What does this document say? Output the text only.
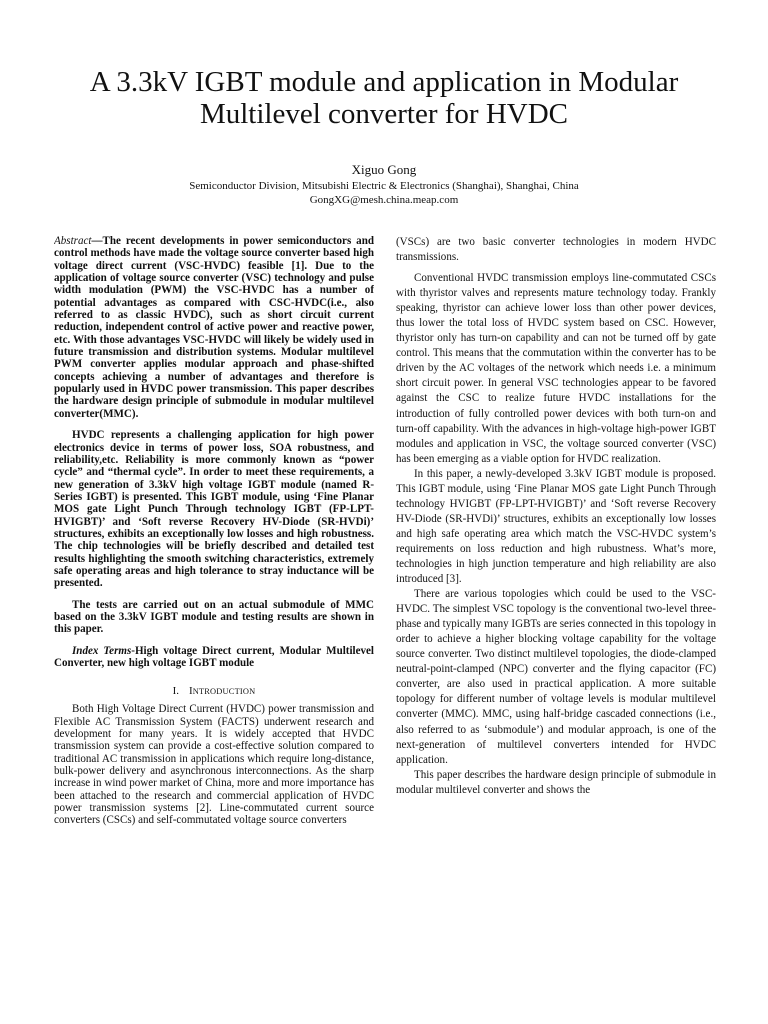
A 3.3kV IGBT module and application in Modular
Multilevel converter for HVDC
Xiguo Gong
Semiconductor Division, Mitsubishi Electric & Electronics (Shanghai), Shanghai, China
GongXG@mesh.china.meap.com

Abstract—The recent developments in power semiconductors and control methods have made the voltage source converter based high voltage direct current (VSC-HVDC) feasible [1]. Due to the application of voltage source converter (VSC) technology and pulse width modulation (PWM) the VSC-HVDC has a number of potential advantages as compared with CSC-HVDC(i.e., also referred to as classic HVDC), such as short circuit current reduction, independent control of active power and reactive power, etc. With those advantages VSC-HVDC will likely be widely used in future transmission and distribution systems. Modular multilevel PWM converter applies modular approach and phase-shifted concepts achieving a number of advantages and therefore is popularly used in HVDC power transmission. This paper describes the hardware design principle of submodule in modular multilevel converter(MMC).

HVDC represents a challenging application for high power electronics device in terms of power loss, SOA robustness, and reliability,etc. Reliability is more commonly known as “power cycle” and “thermal cycle”. In order to meet these requirements, a new generation of 3.3kV high voltage IGBT module (named R-Series IGBT) is presented. This IGBT module, using ‘Fine Planar MOS gate Light Punch Through technology IGBT (FP-LPT-HVIGBT)’ and ‘Soft reverse Recovery HV-Diode (SR-HVDi)’ structures, exhibits an exceptionally low losses and high robustness. The chip technologies will be briefly described and detailed test results highlighting the smooth switching characteristics, extremely safe operating areas and high tolerance to stray inductance will be presented.

The tests are carried out on an actual submodule of MMC based on the 3.3kV IGBT module and testing results are shown in this paper.

Index Terms-High voltage Direct current, Modular Multilevel Converter, new high voltage IGBT module

I. INTRODUCTION

Both High Voltage Direct Current (HVDC) power transmission and Flexible AC Transmission System (FACTS) underwent research and development for many years. It is widely accepted that HVDC transmission system can provide a cost-effective solution compared to traditional AC transmission in applications which require long-distance, bulk-power delivery and asynchronous interconnections. As the sharp increase in wind power market of China, more and more importance has been attached to the research and commercial application of HVDC power transmission systems [2]. Line-commutated current source converters (CSCs) and self-commutated voltage source converters

(VSCs) are two basic converter technologies in modern HVDC transmissions.

Conventional HVDC transmission employs line-commutated CSCs with thyristor valves and represents mature technology today. Frankly speaking, thyristor can achieve lower loss than other power devices, thus lower the total loss of HVDC system based on CSC. However, thyristor only has turn-on capability and can not be turned off by gate control. This means that the commutation within the converter has to be driven by the AC voltages of the network which needs i.e. a minimum short circuit power. In general VSC technologies appear to be favored against the CSC to realize future HVDC installations for the introduction of fully controlled power devices with both turn-on and turn-off capability. With the advances in high-voltage high-power IGBT modules and application in VSC, the voltage sourced converter (VSC) has been emerging as a viable option for HVDC realization.

In this paper, a newly-developed 3.3kV IGBT module is proposed. This IGBT module, using ‘Fine Planar MOS gate Light Punch Through technology HVIGBT (FP-LPT-HVIGBT)’ and ‘Soft reverse Recovery HV-Diode (SR-HVDi)’ structures, exhibits an exceptionally low losses and high safe operating area which match the VSC-HVDC system’s requirements on loss reduction and high rubustness. What’s more, technologies in high junction temperature and high reliability are also introduced [3].

There are various topologies which could be used to the VSC-HVDC. The simplest VSC topology is the conventional two-level three-phase and typically many IGBTs are series connected in this topology in order to achieve a higher blocking voltage capability for the voltage source converter. Two distinct multilevel topologies, the diode-clamped neutral-point-clamped (NPC) converter and the flying capacitor (FC) converter, are also used in practical application. A more suitable topology for different number of voltage levels is modular multilevel converter (MMC). MMC, using half-bridge cascaded connections (i.e., also referred to as ‘submodule’) and modular approach, is one of the next-generation of multilevel converters intended for HVDC application.

This paper describes the hardware design principle of submodule in modular multilevel converter and shows the
